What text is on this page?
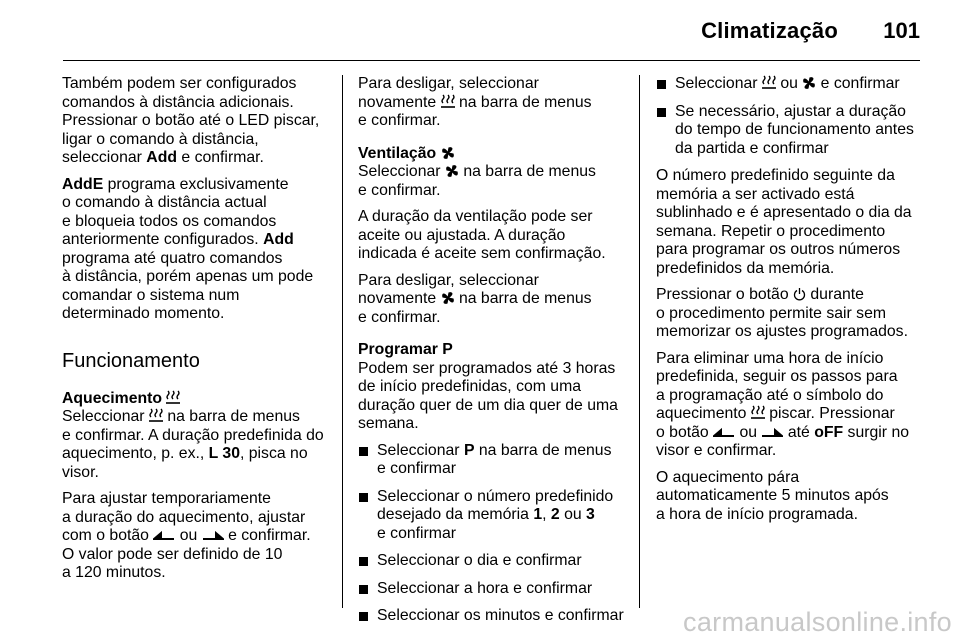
Climatização 101

Também podem ser configurados
comandos à distância adicionais.
Pressionar o botão até o LED piscar,
ligar o comando à distância,
seleccionar Add e confirmar.

AddE programa exclusivamente
o comando à distância actual
e bloqueia todos os comandos
anteriormente configurados. Add
programa até quatro comandos
à distância, porém apenas um pode
comandar o sistema num
determinado momento.

Funcionamento

Aquecimento
Seleccionar  na barra de menus
e confirmar. A duração predefinida do
aquecimento, p. ex., L 30, pisca no
visor.

Para ajustar temporariamente
a duração do aquecimento, ajustar
com o botão  ou  e confirmar.
O valor pode ser definido de 10
a 120 minutos.

Para desligar, seleccionar
novamente  na barra de menus
e confirmar.

Ventilação
Seleccionar  na barra de menus
e confirmar.

A duração da ventilação pode ser
aceite ou ajustada. A duração
indicada é aceite sem confirmação.

Para desligar, seleccionar
novamente  na barra de menus
e confirmar.

Programar P
Podem ser programados até 3 horas
de início predefinidas, com uma
duração quer de um dia quer de uma
semana.

Seleccionar P na barra de menus
e confirmar
Seleccionar o número predefinido
desejado da memória 1, 2 ou 3
e confirmar
Seleccionar o dia e confirmar
Seleccionar a hora e confirmar
Seleccionar os minutos e confirmar
Seleccionar  ou  e confirmar
Se necessário, ajustar a duração
do tempo de funcionamento antes
da partida e confirmar

O número predefinido seguinte da
memória a ser activado está
sublinhado e é apresentado o dia da
semana. Repetir o procedimento
para programar os outros números
predefinidos da memória.

Pressionar o botão  durante
o procedimento permite sair sem
memorizar os ajustes programados.

Para eliminar uma hora de início
predefinida, seguir os passos para
a programação até o símbolo do
aquecimento  piscar. Pressionar
o botão  ou  até oFF surgir no
visor e confirmar.

O aquecimento pára
automaticamente 5 minutos após
a hora de início programada.

carmanualsonline.info
